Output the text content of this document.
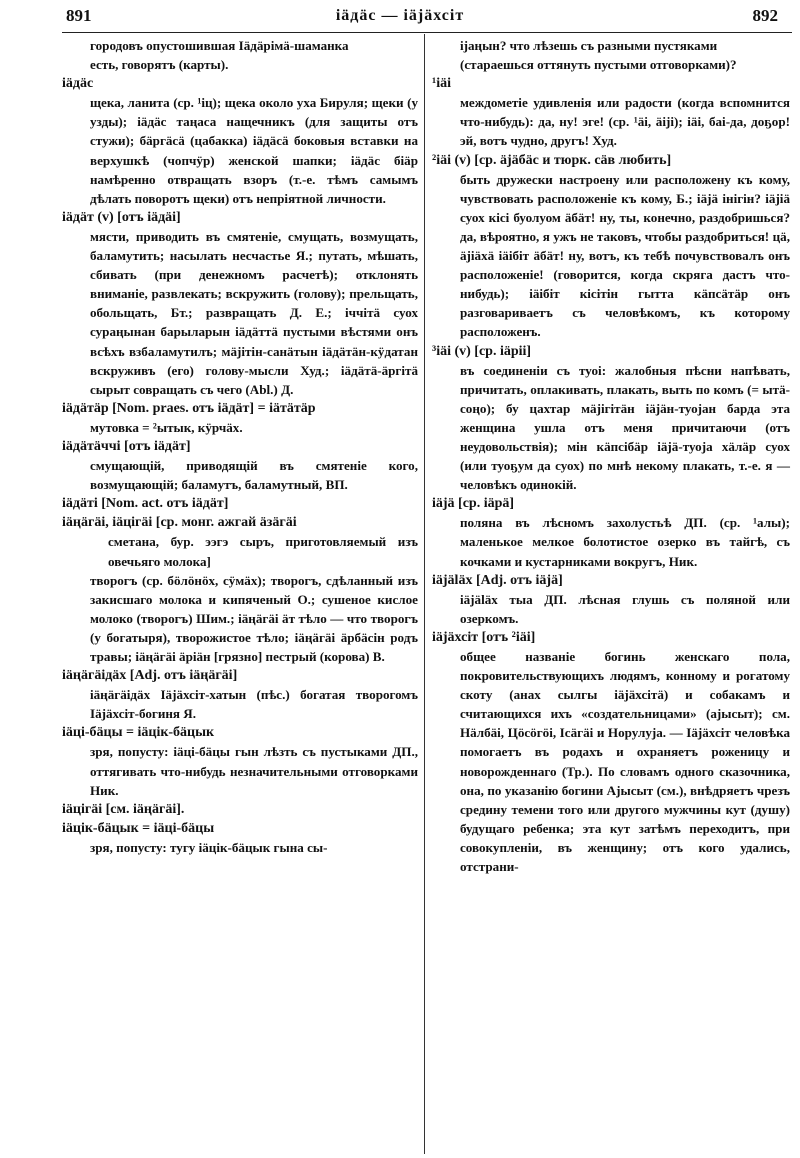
891	iäдäс — iäjäхсiт	892
городовъ опустошившая Iäдäрiмä-шаманка
есть, говорятъ (карты).
iäдäс
щека, ланита (ср. ¹iц); щека около уха Бируля; щеки (у узды); iäдäс таңаса нащечникъ (для защиты отъ стужи); бäргäсä (цабакка) iäдäсä боковыя вставки на верхушкѣ (чопчÿр) женской шапки; iäдäс бiäр намѣренно отвращать взоръ (т.-е. тѣмъ самымъ дѣлать поворотъ щеки) отъ непрiятной личности.
iäдäт (v) [отъ iäдäi]
мясти, приводить въ смятенiе, смущать, возмущать, баламутить; насылать несчастье Я.; путать, мѣшать, сбивать (при денежномъ расчетѣ); отклонять вниманiе, развлекать; вскружить (голову); прельщать, обольщать, Бт.; развращать Д. Е.; iччiтä суох сураңынан барыларын iäдäттä пустыми вѣстями онъ всѣхъ взбаламутилъ; мäjiтiн-санäтын iäдäтäн-кÿдатан вскруживъ (его) голову-мысли Худ.; iäдäтä-äргiтä сырыт совращать съ чего (Abl.) Д.
iäдäтäр [Nom. praes. отъ iäдäт] = iäтäтäр
мутовка = ²ытык, кÿрчäх.
iäдäтäччi [отъ iäдäт]
смущающiй, приводящiй въ смятенiе кого, возмущающiй; баламутъ, баламутный, ВП.
iäдäтi [Nom. act. отъ iäдäт]
iäңäгäi, iäцiгäi [ср. монг. ажгай äзäгäi
сметана, бур. ээгэ сыръ, приготовляемый изъ овечьяго молока]
творогъ (ср. бöлöнöх, сÿмäх); творогъ, сдѣланный изъ закисшаго молока и кипяченый О.; сушеное кислое молоко (творогъ) Шим.; iäңäгäi äт тѣло — что творогъ (у богатыря), творожистое тѣло; iäңäгäi äрбäсiн родъ травы; iäңäгäi äрiäн [грязно] пестрый (корова) В.
iäңäгäiдäх [Adj. отъ iäңäгäi]
iäңäгäiдäх Iäjäхсiт-хатын (пѣс.) богатая творогомъ Iäjäхсiт-богиня Я.
iäцi-бäцы = iäцiк-бäцык
зря, попусту: iäцi-бäцы гын лѣзть съ пустыками ДП., оттягивать что-нибудь незначительными отговорками Ник.
iäцiгäi [см. iäңäгäi].
iäцiк-бäцык = iäцi-бäцы
зря, попусту: тугу iäцiк-бäцык гына сы-
iјаңын? что лѣзешь съ разными пустяками
(стараешься оттянуть пустыми отговорками)?
¹iäi
междометiе удивленiя или радости (когда вспомнится что-нибудь): да, ну! эге! (ср. ¹äi, äiji); iäi, баi-да, доҕор! эй, вотъ чудно, другъ! Худ.
²iäi (v) [ср. äjäбäс и тюрк. сäв любить]
быть дружески настроену или расположену къ кому, чувствовать расположенiе къ кому, Б.; iäjä iнiгiн? iäjiä суох кiсi буолуом äбäт! ну, ты, конечно, раздобришься? да, вѣроятно, я ужъ не таковъ, чтобы раздобриться! цä, äjiäхä iäiбiт äбäт! ну, вотъ, къ тебѣ почувствовалъ онъ расположенiе! (говорится, когда скряга дастъ что-нибудь); iäiбiт кiсiтiн гытта кäпсäтäр онъ разговариваетъ съ человѣкомъ, къ которому расположенъ.
³iäi (v) [ср. iäpii]
въ соединенiи съ туоi: жалобныя пѣсни напѣвать, причитать, оплакивать, плакать, выть по комъ (= ытä-соңо); бу цахтар мäjiгiтäн iäjäн-туоjан барда эта женщина ушла отъ меня причитаючи (отъ неудовольствiя); мiн кäпсiбäр iäjä-туоjа хäлäр суох (или туоҕум да суох) по мнѣ некому плакать, т.-е. я — человѣкъ одинокiй.
iäjä [ср. iäpä]
поляна въ лѣсномъ захолустьѣ ДП. (ср. ¹алы); маленькое мелкое болотистое озерко въ тайгѣ, съ кочками и кустарниками вокругъ, Ник.
iäjäläх [Adj. отъ iäjä]
iäjäläх тыа ДП. лѣсная глушь съ поляной или озеркомъ.
iäjäхсiт [отъ ²iäi]
общее названiе богинь женскаго пола, покровительствующихъ людямъ, конному и рогатому скоту (анах сылгы iäjäхсiтä) и собакамъ и считающихся ихъ «создательницами» (аjысыт); см. Нäлбäi, Цöсöгöi, Iсäгäi и Норулуjа. — Iäjäхсiт человѣка помогаетъ въ родахъ и охраняетъ роженицу и новорожденнаго (Тр.). По словамъ одного сказочника, она, по указанiю богини Аjысыт (см.), внѣдряетъ чрезъ средину темени того или другого мужчины кут (душу) будущаго ребенка; эта кут затѣмъ переходитъ, при совокупленiи, въ женщину; отъ кого удались, отстрани-
